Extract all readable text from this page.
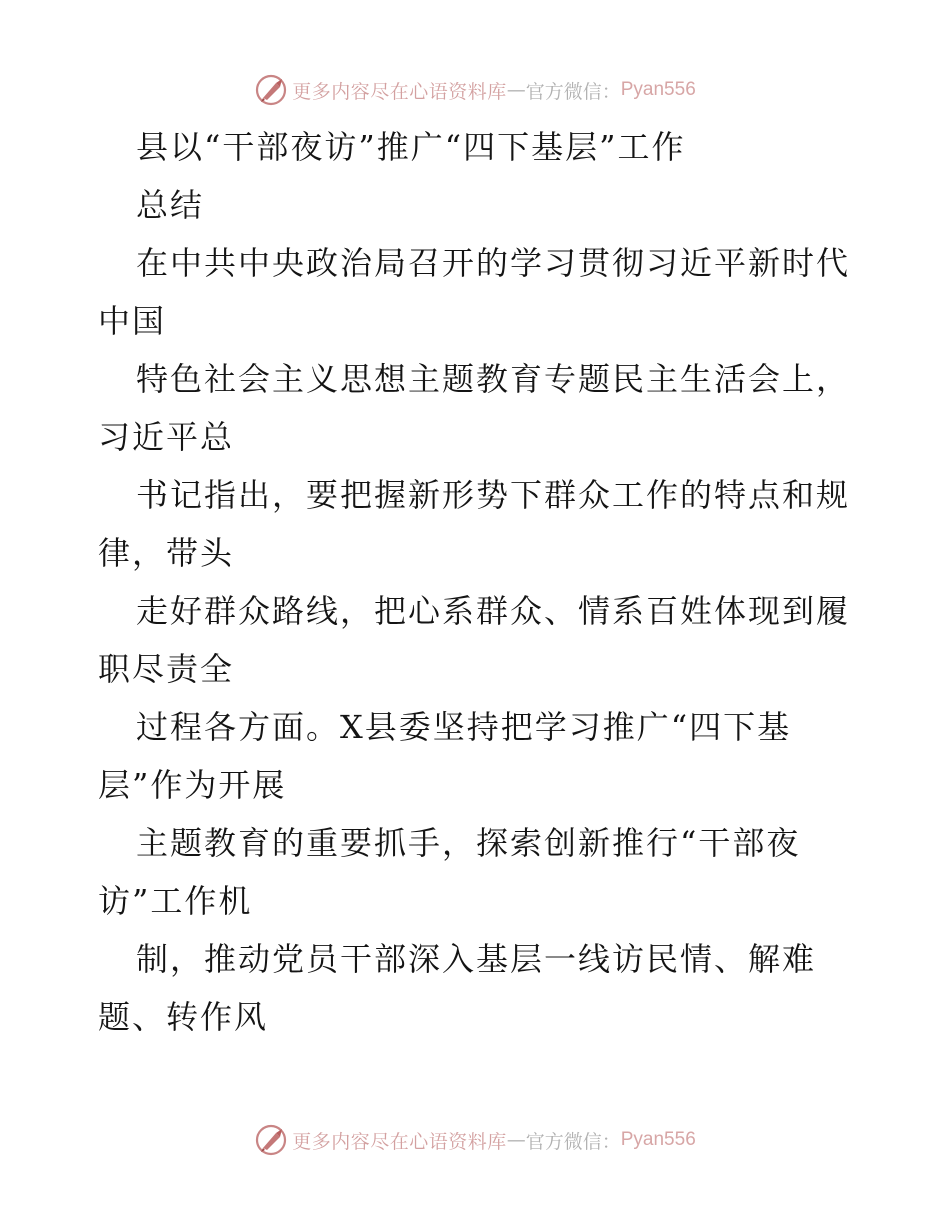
更多内容尽在心语资料库 — 官方微信： Pyan556
县以“干部夜访”推广“四下基层”工作
总结
在中共中央政治局召开的学习贯彻习近平新时代
中国
特色社会主义思想主题教育专题民主生活会上，
习近平总
书记指出，要把握新形势下群众工作的特点和规
律，带头
走好群众路线，把心系群众、情系百姓体现到履
职尽责全
过程各方面。X县委坚持把学习推广“四下基
层”作为开展
主题教育的重要抓手，探索创新推行“干部夜
访”工作机
制，推动党员干部深入基层一线访民情、解难
题、转作风
更多内容尽在心语资料库 — 官方微信： Pyan556
